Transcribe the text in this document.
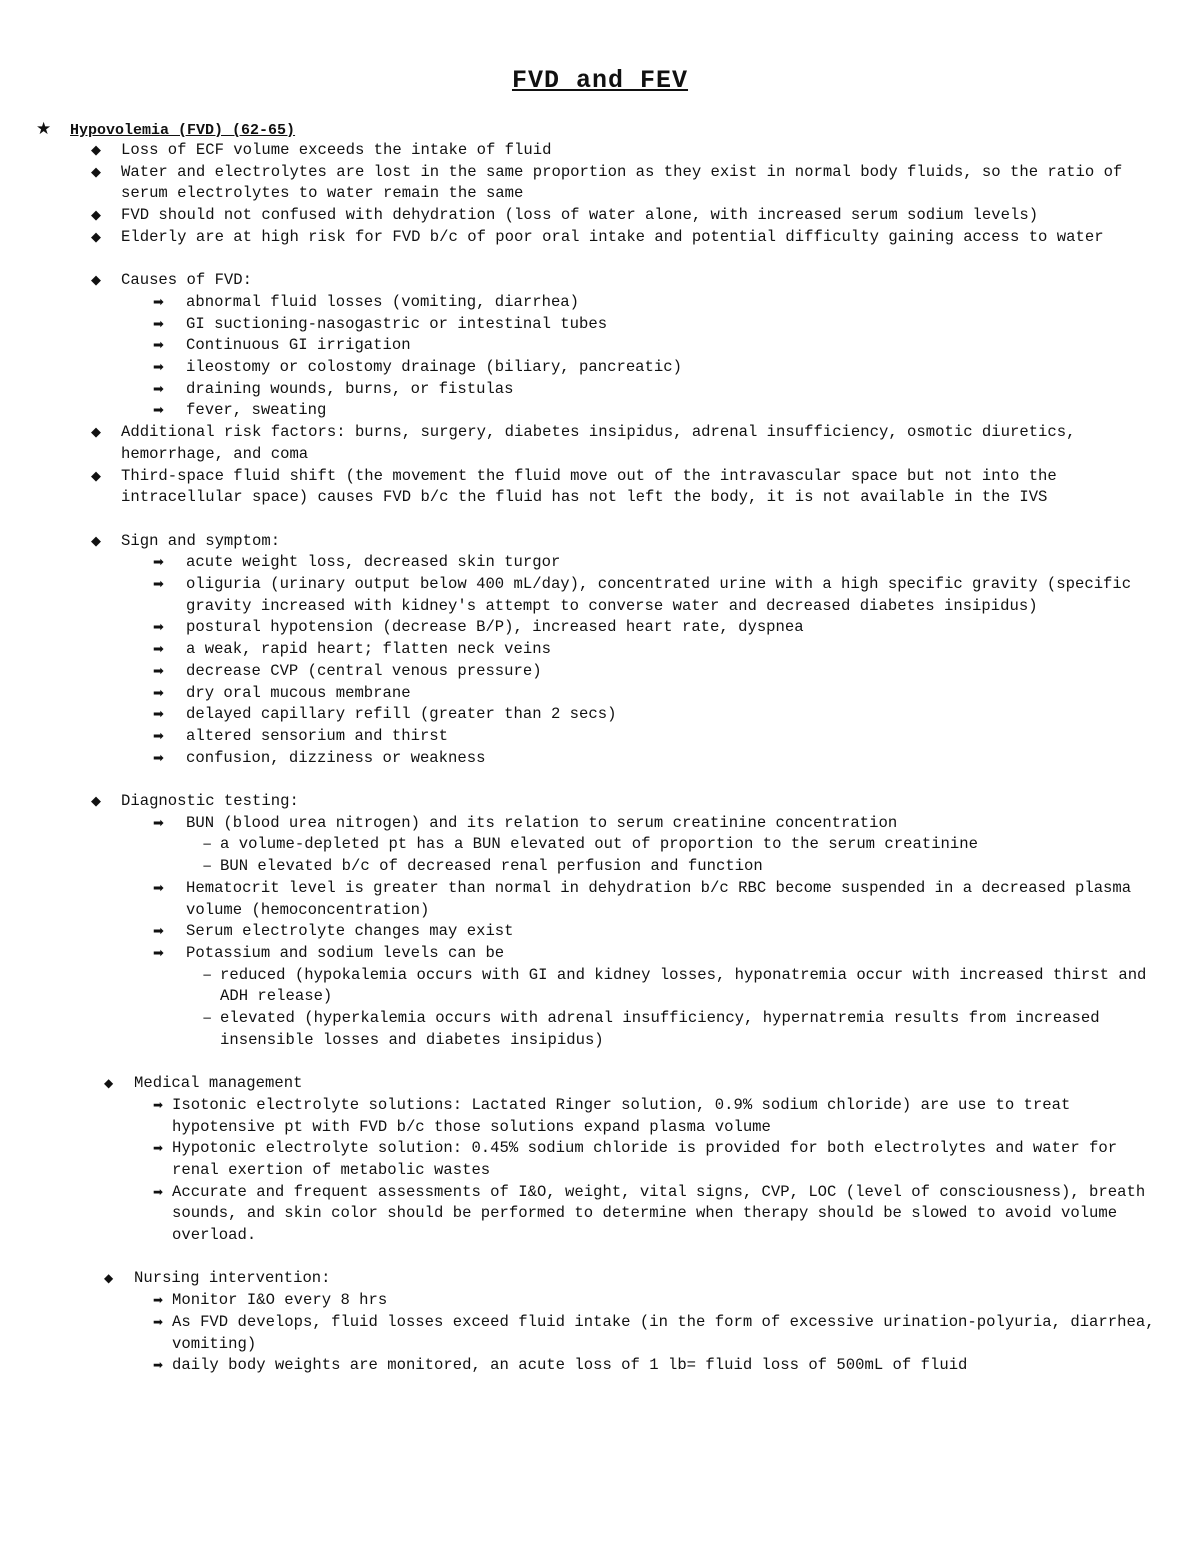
FVD and FEV
★ Hypovolemia (FVD) (62-65)
◆ Loss of ECF volume exceeds the intake of fluid
◆ Water and electrolytes are lost in the same proportion as they exist in normal body fluids, so the ratio of serum electrolytes to water remain the same
◆ FVD should not confused with dehydration (loss of water alone, with increased serum sodium levels)
◆ Elderly are at high risk for FVD b/c of poor oral intake and potential difficulty gaining access to water
◆ Causes of FVD:
➡ abnormal fluid losses (vomiting, diarrhea)
➡ GI suctioning-nasogastric or intestinal tubes
➡ Continuous GI irrigation
➡ ileostomy or colostomy drainage (biliary, pancreatic)
➡ draining wounds, burns, or fistulas
➡ fever, sweating
◆ Additional risk factors: burns, surgery, diabetes insipidus, adrenal insufficiency, osmotic diuretics, hemorrhage, and coma
◆ Third-space fluid shift (the movement the fluid move out of the intravascular space but not into the intracellular space) causes FVD b/c the fluid has not left the body, it is not available in the IVS
◆ Sign and symptom:
➡ acute weight loss, decreased skin turgor
➡ oliguria (urinary output below 400 mL/day), concentrated urine with a high specific gravity (specific gravity increased with kidney's attempt to converse water and decreased diabetes insipidus)
➡ postural hypotension (decrease B/P), increased heart rate, dyspnea
➡ a weak, rapid heart; flatten neck veins
➡ decrease CVP (central venous pressure)
➡ dry oral mucous membrane
➡ delayed capillary refill (greater than 2 secs)
➡ altered sensorium and thirst
➡ confusion, dizziness or weakness
◆ Diagnostic testing:
➡ BUN (blood urea nitrogen) and its relation to serum creatinine concentration
− a volume-depleted pt has a BUN elevated out of proportion to the serum creatinine
− BUN elevated b/c of decreased renal perfusion and function
➡ Hematocrit level is greater than normal in dehydration b/c RBC become suspended in a decreased plasma volume (hemoconcentration)
➡ Serum electrolyte changes may exist
➡ Potassium and sodium levels can be
− reduced (hypokalemia occurs with GI and kidney losses, hyponatremia occur with increased thirst and ADH release)
− elevated (hyperkalemia occurs with adrenal insufficiency, hypernatremia results from increased insensible losses and diabetes insipidus)
◆ Medical management
➡ Isotonic electrolyte solutions: Lactated Ringer solution, 0.9% sodium chloride) are use to treat hypotensive pt with FVD b/c those solutions expand plasma volume
➡ Hypotonic electrolyte solution: 0.45% sodium chloride is provided for both electrolytes and water for renal exertion of metabolic wastes
➡ Accurate and frequent assessments of I&O, weight, vital signs, CVP, LOC (level of consciousness), breath sounds, and skin color should be performed to determine when therapy should be slowed to avoid volume overload.
◆ Nursing intervention:
➡ Monitor I&O every 8 hrs
➡ As FVD develops, fluid losses exceed fluid intake (in the form of excessive urination-polyuria, diarrhea, vomiting)
➡ daily body weights are monitored, an acute loss of 1 lb= fluid loss of 500mL of fluid
